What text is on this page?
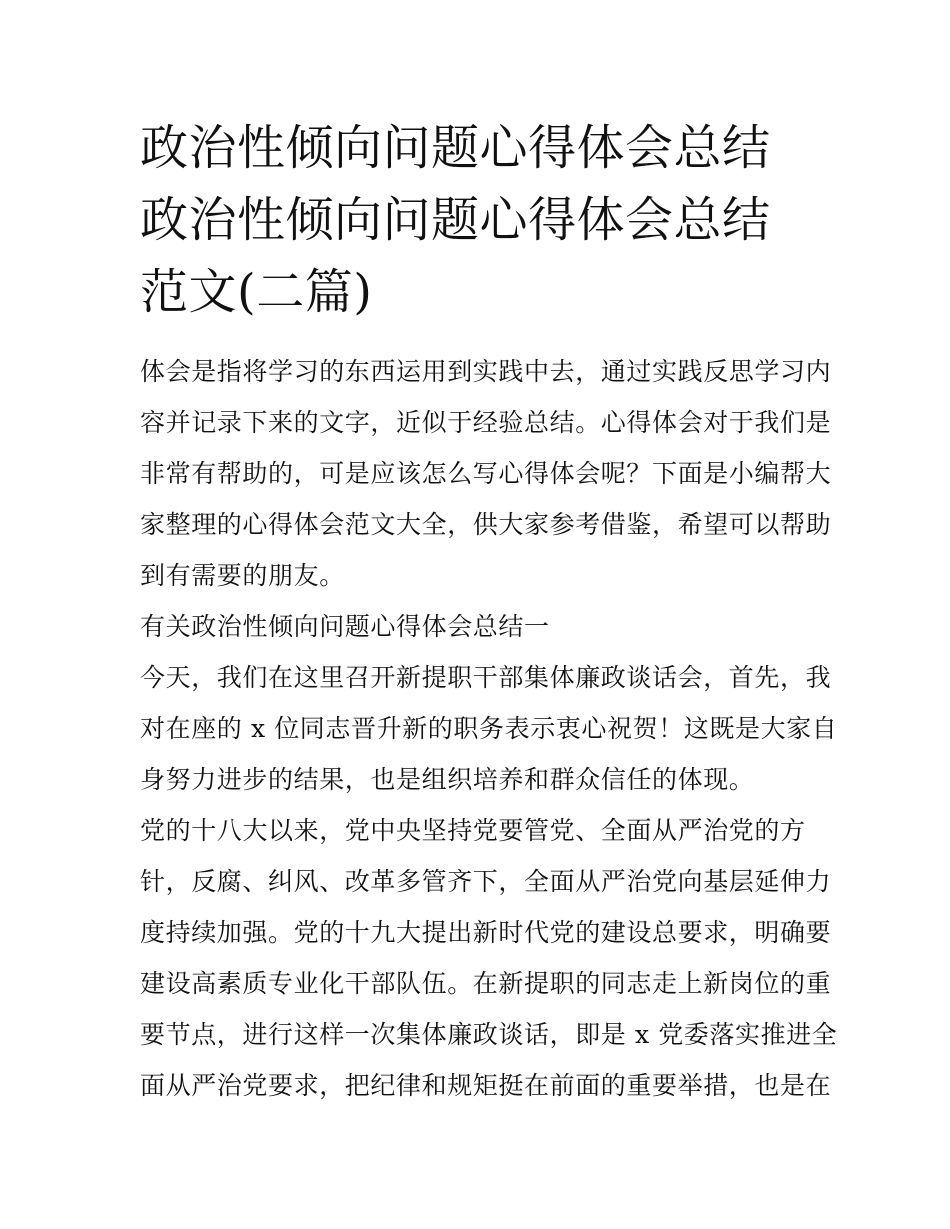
政治性倾向问题心得体会总结
政治性倾向问题心得体会总结
范文(二篇)
体会是指将学习的东西运用到实践中去，通过实践反思学习内
容并记录下来的文字，近似于经验总结。心得体会对于我们是
非常有帮助的，可是应该怎么写心得体会呢？下面是小编帮大
家整理的心得体会范文大全，供大家参考借鉴，希望可以帮助
到有需要的朋友。
有关政治性倾向问题心得体会总结一
今天，我们在这里召开新提职干部集体廉政谈话会，首先，我
对在座的 x 位同志晋升新的职务表示衷心祝贺！这既是大家自
身努力进步的结果，也是组织培养和群众信任的体现。
党的十八大以来，党中央坚持党要管党、全面从严治党的方
针，反腐、纠风、改革多管齐下，全面从严治党向基层延伸力
度持续加强。党的十九大提出新时代党的建设总要求，明确要
建设高素质专业化干部队伍。在新提职的同志走上新岗位的重
要节点，进行这样一次集体廉政谈话，即是 x 党委落实推进全
面从严治党要求，把纪律和规矩挺在前面的重要举措，也是在
